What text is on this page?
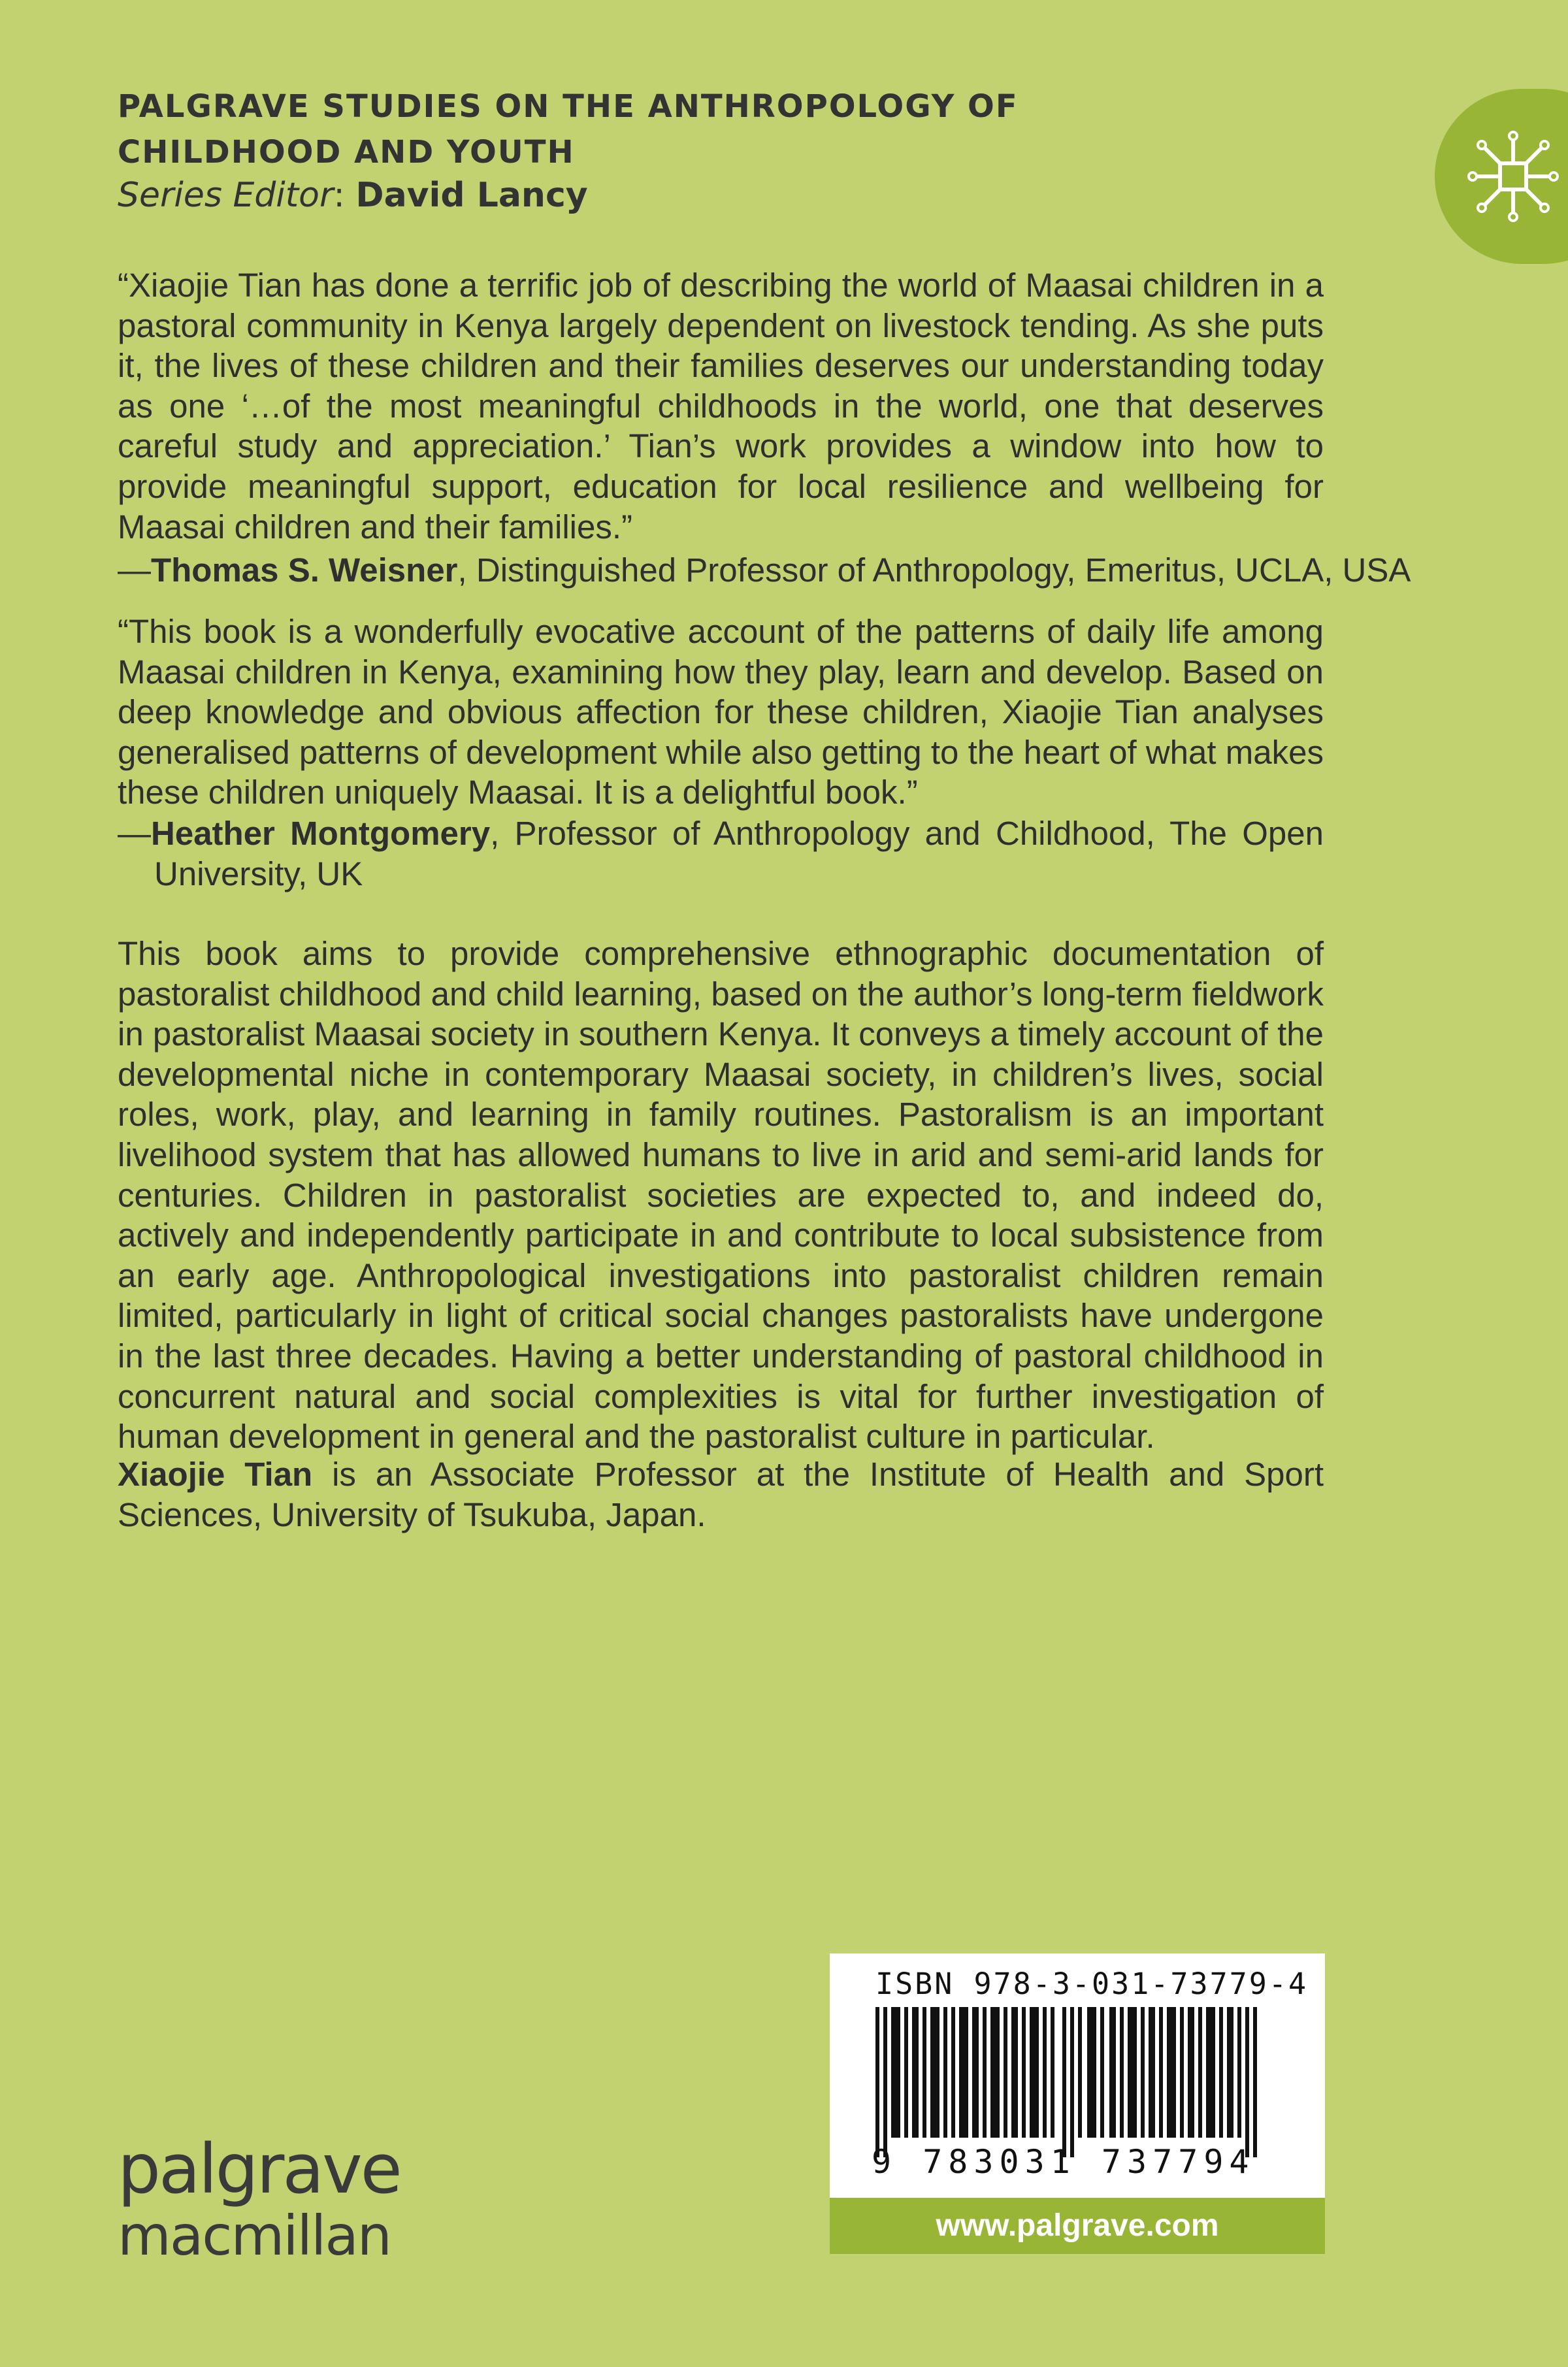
PALGRAVE STUDIES ON THE ANTHROPOLOGY OF CHILDHOOD AND YOUTH
Series Editor: David Lancy

“Xiaojie Tian has done a terrific job of describing the world of Maasai children in a pastoral community in Kenya largely dependent on livestock tending. As she puts it, the lives of these children and their families deserves our understanding today as one ‘…of the most meaningful childhoods in the world, one that deserves careful study and appreciation.’ Tian’s work provides a window into how to provide meaningful support, education for local resilience and wellbeing for Maasai children and their families.”

—Thomas S. Weisner, Distinguished Professor of Anthropology, Emeritus, UCLA, USA

“This book is a wonderfully evocative account of the patterns of daily life among Maasai children in Kenya, examining how they play, learn and develop. Based on deep knowledge and obvious affection for these children, Xiaojie Tian analyses generalised patterns of development while also getting to the heart of what makes these children uniquely Maasai. It is a delightful book.”

—Heather Montgomery, Professor of Anthropology and Childhood, The Open
University, UK

This book aims to provide comprehensive ethnographic documentation of pastoralist childhood and child learning, based on the author’s long-term fieldwork in pastoralist Maasai society in southern Kenya. It conveys a timely account of the developmental niche in contemporary Maasai society, in children’s lives, social roles, work, play, and learning in family routines. Pastoralism is an important livelihood system that has allowed humans to live in arid and semi-arid lands for centuries. Children in pastoralist societies are expected to, and indeed do, actively and independently participate in and contribute to local subsistence from an early age. Anthropological investigations into pastoralist children remain limited, particularly in light of critical social changes pastoralists have undergone in the last three decades. Having a better understanding of pastoral childhood in concurrent natural and social complexities is vital for further investigation of human development in general and the pastoralist culture in particular.

Xiaojie Tian is an Associate Professor at the Institute of Health and Sport Sciences, University of Tsukuba, Japan.

ISBN 978-3-031-73779-4
9 783031 737794
www.palgrave.com
palgrave
macmillan
